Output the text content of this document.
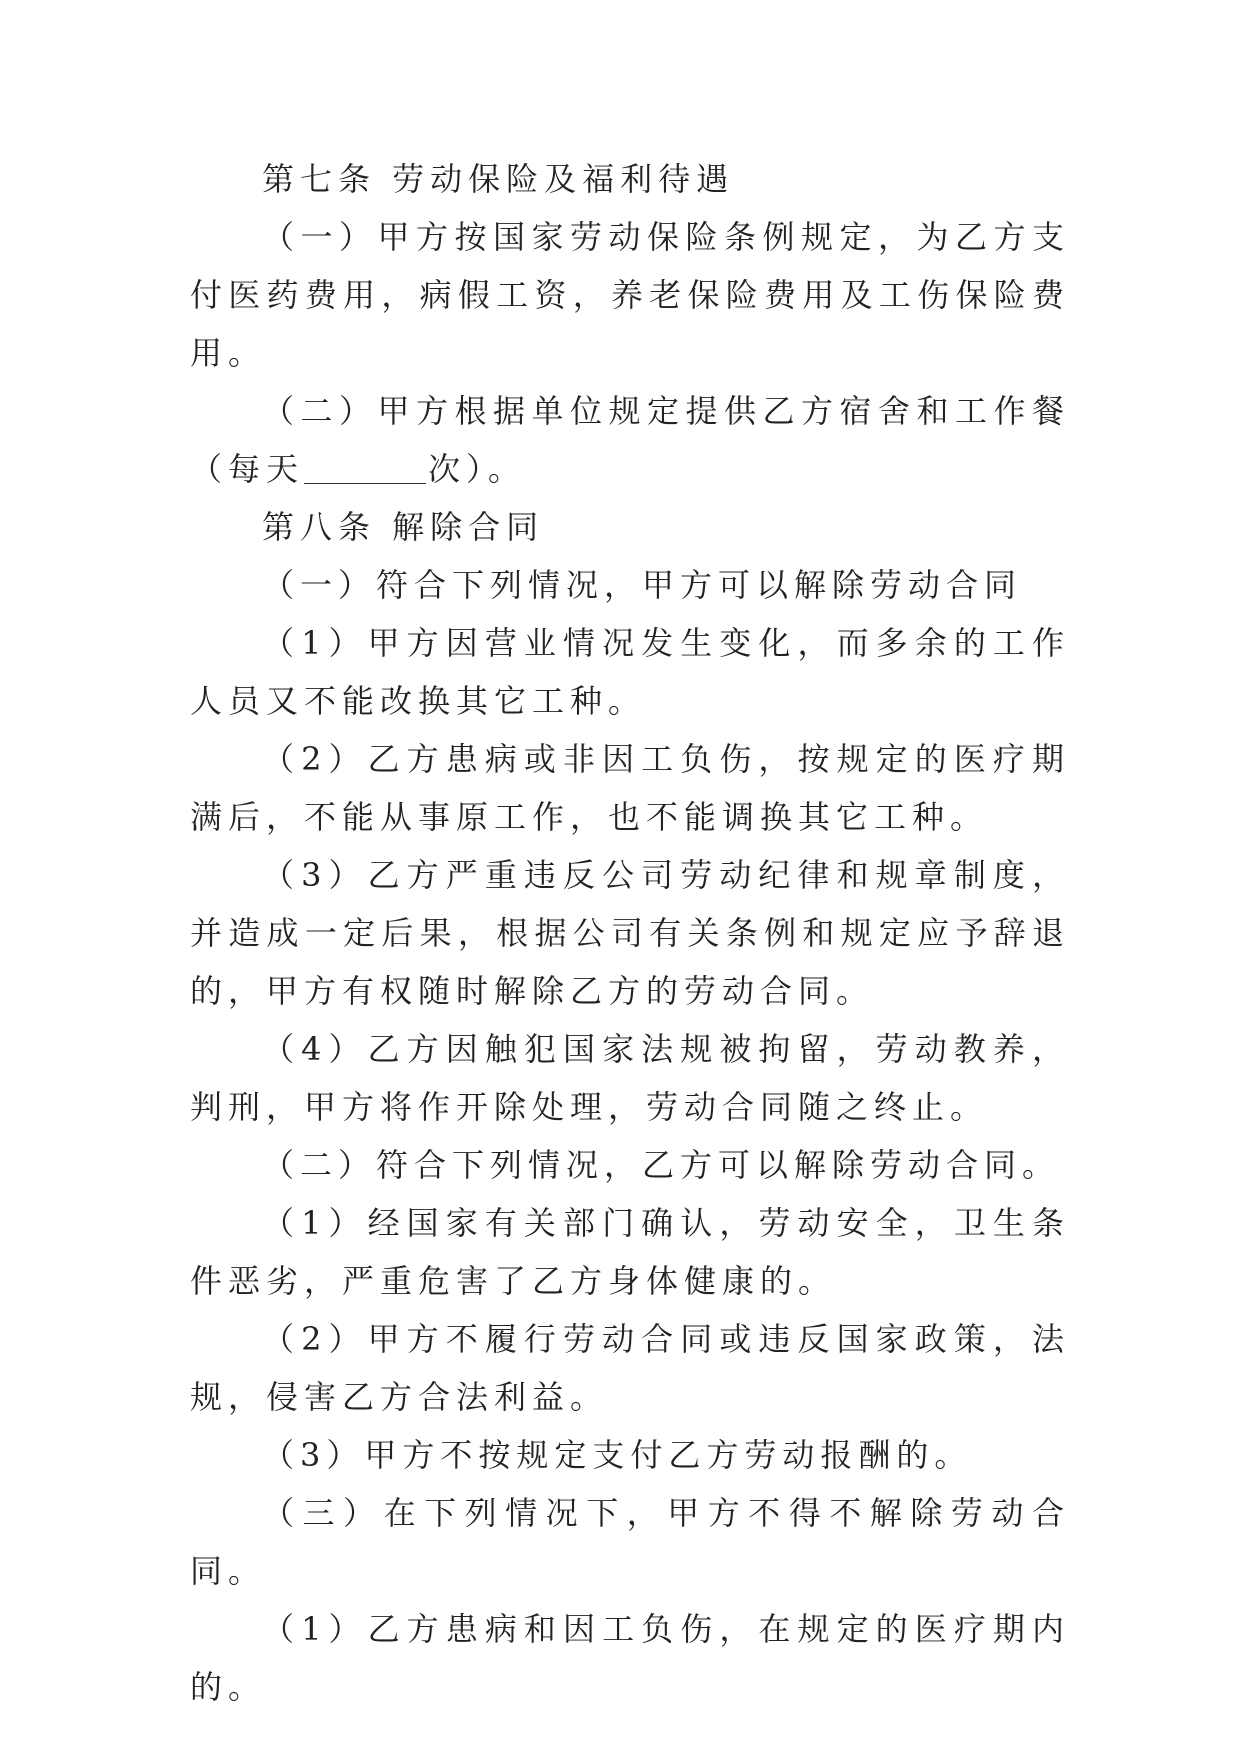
第七条 劳动保险及福利待遇

（一）甲方按国家劳动保险条例规定，为乙方支付医药费用，病假工资，养老保险费用及工伤保险费用。

（二）甲方根据单位规定提供乙方宿舍和工作餐（每天	次）。

第八条 解除合同

（一）符合下列情况，甲方可以解除劳动合同

（1）甲方因营业情况发生变化，而多余的工作人员又不能改换其它工种。

（2）乙方患病或非因工负伤，按规定的医疗期满后，不能从事原工作，也不能调换其它工种。

（3）乙方严重违反公司劳动纪律和规章制度，并造成一定后果，根据公司有关条例和规定应予辞退的，甲方有权随时解除乙方的劳动合同。

（4）乙方因触犯国家法规被拘留，劳动教养，判刑，甲方将作开除处理，劳动合同随之终止。

（二）符合下列情况，乙方可以解除劳动合同。

（1）经国家有关部门确认，劳动安全，卫生条件恶劣，严重危害了乙方身体健康的。

（2）甲方不履行劳动合同或违反国家政策，法规，侵害乙方合法利益。

（3）甲方不按规定支付乙方劳动报酬的。

（三）在下列情况下，甲方不得不解除劳动合同。

（1）乙方患病和因工负伤，在规定的医疗期内的。
